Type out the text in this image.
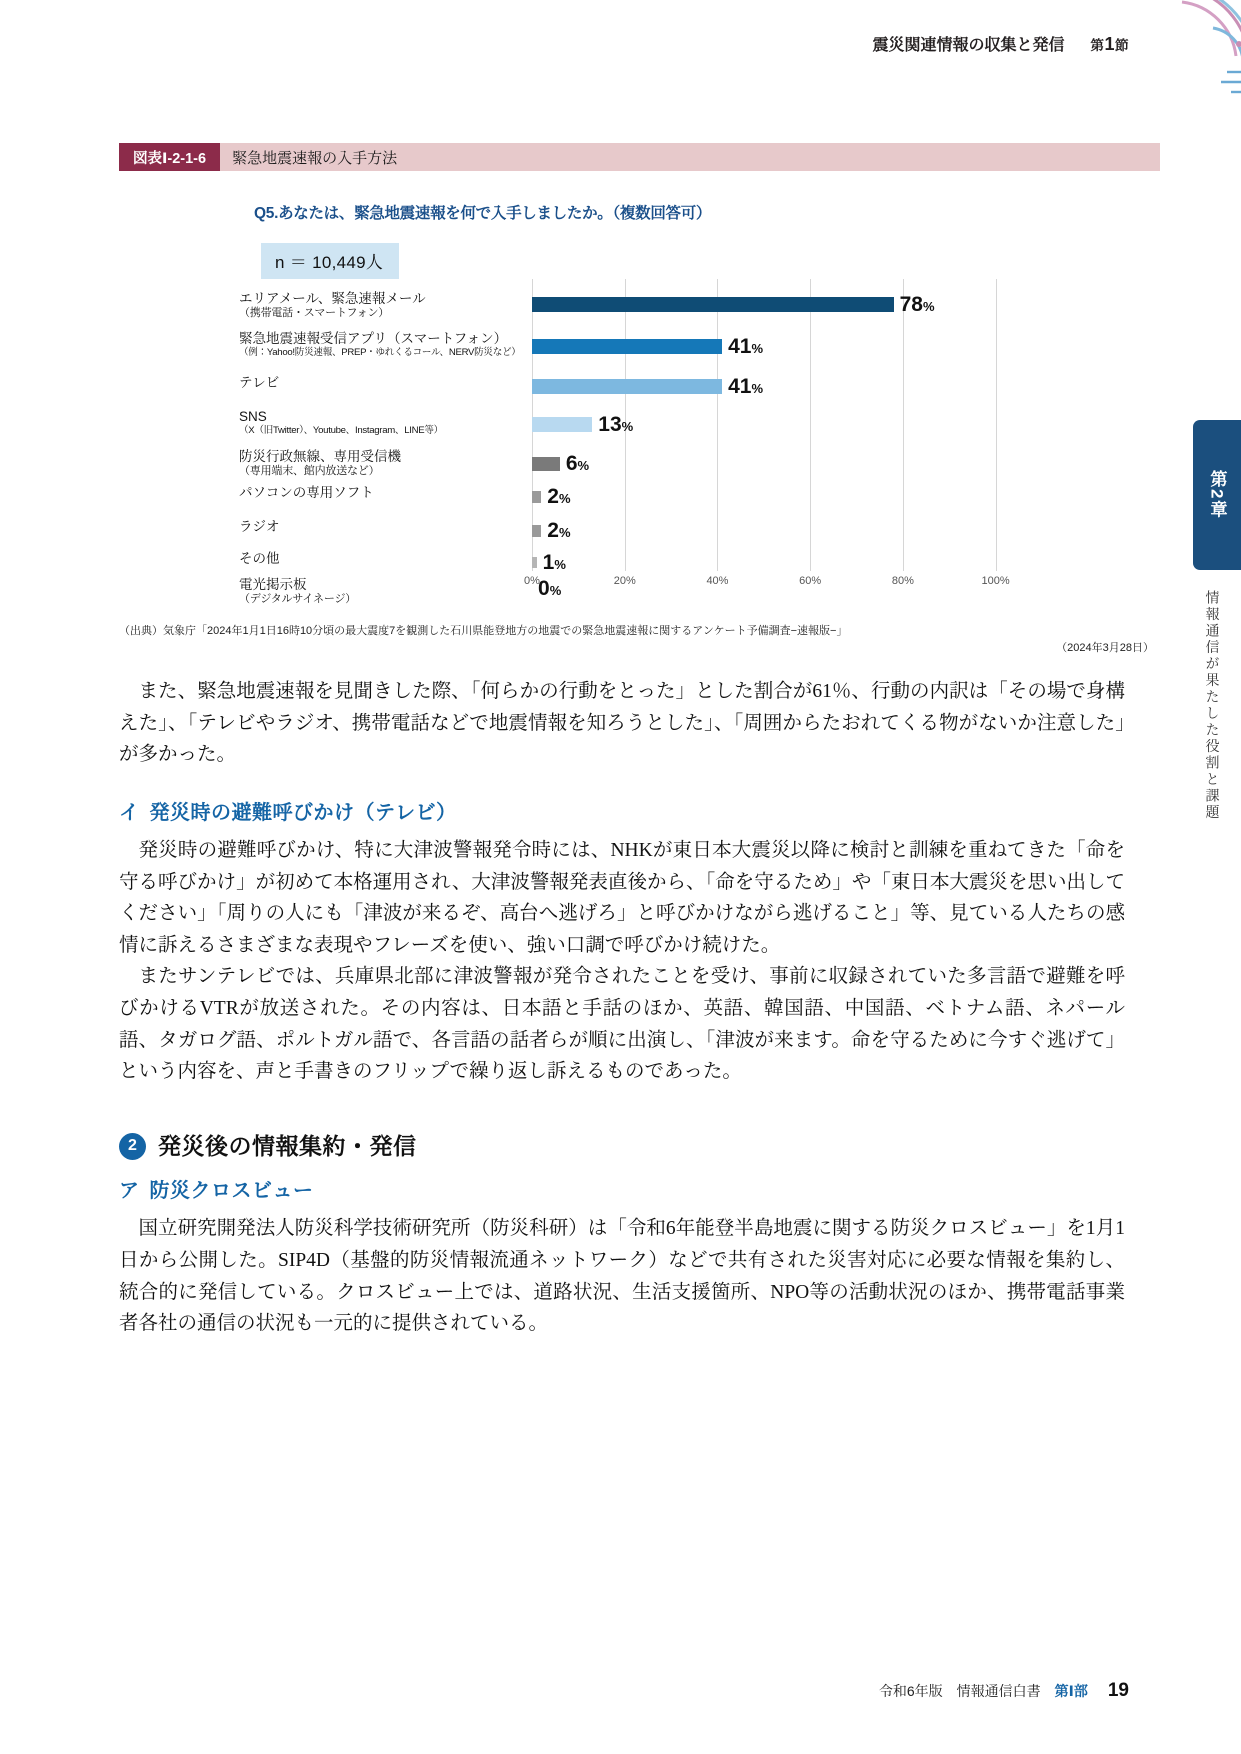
震災関連情報の収集と発信 第1節
図表Ⅰ-2-1-6	緊急地震速報の入手方法
Q5.あなたは、緊急地震速報を何で入手しましたか。（複数回答可）
n ＝ 10,449人
エリアメール、緊急速報メール
（携帯電話・スマートフォン）
緊急地震速報受信アプリ（スマートフォン）
（例：Yahoo!防災速報、PREP・ゆれくるコール、NERV防災など）
テレビ
SNS
（X（旧Twitter）、Youtube、Instagram、LINE等）
防災行政無線、専用受信機
（専用端末、館内放送など）
パソコンの専用ソフト
ラジオ
その他
電光掲示板
（デジタルサイネージ）
78%
41%
41%
13%
6%
2%
2%
1%
0%
0%	20%	40%	60%	80%	100%
（出典）気象庁「2024年1月1日16時10分頃の最大震度7を観測した石川県能登地方の地震での緊急地震速報に関するアンケート予備調査−速報版−」
（2024年3月28日）

また、緊急地震速報を見聞きした際、「何らかの行動をとった」とした割合が61％、行動の内訳は「その場で身構えた」、「テレビやラジオ、携帯電話などで地震情報を知ろうとした」、「周囲からたおれてくる物がないか注意した」が多かった。

イ 発災時の避難呼びかけ（テレビ）

発災時の避難呼びかけ、特に大津波警報発令時には、NHKが東日本大震災以降に検討と訓練を重ねてきた「命を守る呼びかけ」が初めて本格運用され、大津波警報発表直後から、「命を守るため」や「東日本大震災を思い出してください」「周りの人にも「津波が来るぞ、高台へ逃げろ」と呼びかけながら逃げること」等、見ている人たちの感情に訴えるさまざまな表現やフレーズを使い、強い口調で呼びかけ続けた。

またサンテレビでは、兵庫県北部に津波警報が発令されたことを受け、事前に収録されていた多言語で避難を呼びかけるVTRが放送された。その内容は、日本語と手話のほか、英語、韓国語、中国語、ベトナム語、ネパール語、タガログ語、ポルトガル語で、各言語の話者らが順に出演し、「津波が来ます。命を守るために今すぐ逃げて」という内容を、声と手書きのフリップで繰り返し訴えるものであった。

2 発災後の情報集約・発信
ア 防災クロスビュー

国立研究開発法人防災科学技術研究所（防災科研）は「令和6年能登半島地震に関する防災クロスビュー」を1月1日から公開した。SIP4D（基盤的防災情報流通ネットワーク）などで共有された災害対応に必要な情報を集約し、統合的に発信している。クロスビュー上では、道路状況、生活支援箇所、NPO等の活動状況のほか、携帯電話事業者各社の通信の状況も一元的に提供されている。

第2章
情報通信が果たした役割と課題
令和6年版 情報通信白書 第Ⅰ部 19
